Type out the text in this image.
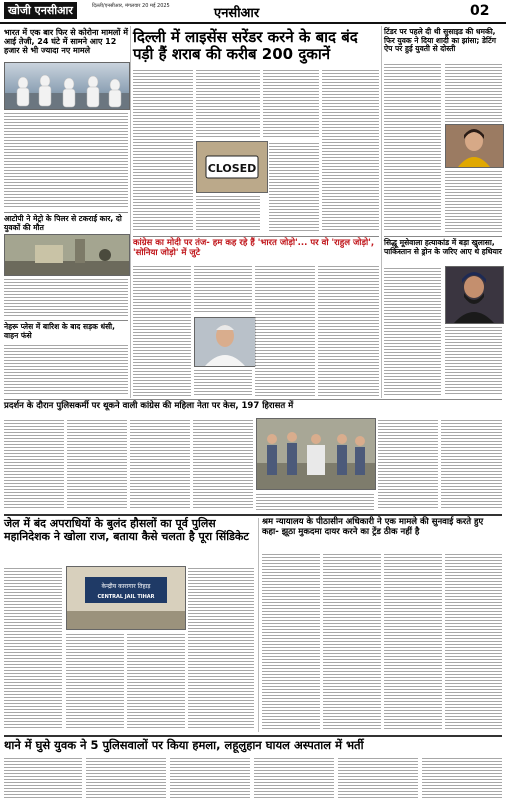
खोजी एनसीआर	दिल्ली/एनसीआर, मंगलवार 20 मई 2025	एनसीआर	02
भारत में एक बार फिर से कोरोना मामलों में आई तेजी, 24 घंटे में सामने आए 12 हजार से भी ज्यादा नए मामले
दिल्ली में लाइसेंस सरेंडर करने के बाद बंद पड़ी हैं शराब की करीब 200 दुकानें
CLOSED
टिंडर पर पहले दी थी सुसाइड की धमकी, फिर युवक ने दिया शादी का झांसा; डेटिंग ऐप पर हुई युवती से दोस्ती
आटोपी ने मेट्रो के पिलर से टकराई कार, दो युवकों की मौत
कांग्रेस का मोदी पर तंज- हम कह रहे हैं 'भारत जोड़ो'... पर वो 'राहुल जोड़ो', 'सोनिया जोड़ो' में जुटे
सिद्धू मूसेवाला हत्याकांड में बड़ा खुलासा, पाकिस्तान से ड्रोन के जरिए आए थे हथियार
नेहरू प्लेस में बारिश के बाद सड़क धंसी, वाहन फंसे
प्रदर्शन के दौरान पुलिसकर्मी पर थूकने वाली कांग्रेस की महिला नेता पर केस, 197 हिरासत में
जेल में बंद अपराधियों के बुलंद हौसलों का पूर्व पुलिस महानिदेशक ने खोला राज, बताया कैसे चलता है पूरा सिंडिकेट
केन्द्रीय कारागार तिहाड़
CENTRAL JAIL TIHAR
श्रम न्यायालय के पीठासीन अधिकारी ने एक मामले की सुनवाई करते हुए कहा- झूठा मुकदमा दायर करने का ट्रेंड ठीक नहीं है
थाने में घुसे युवक ने 5 पुलिसवालों पर किया हमला, लहूलुहान घायल अस्पताल में भर्ती
